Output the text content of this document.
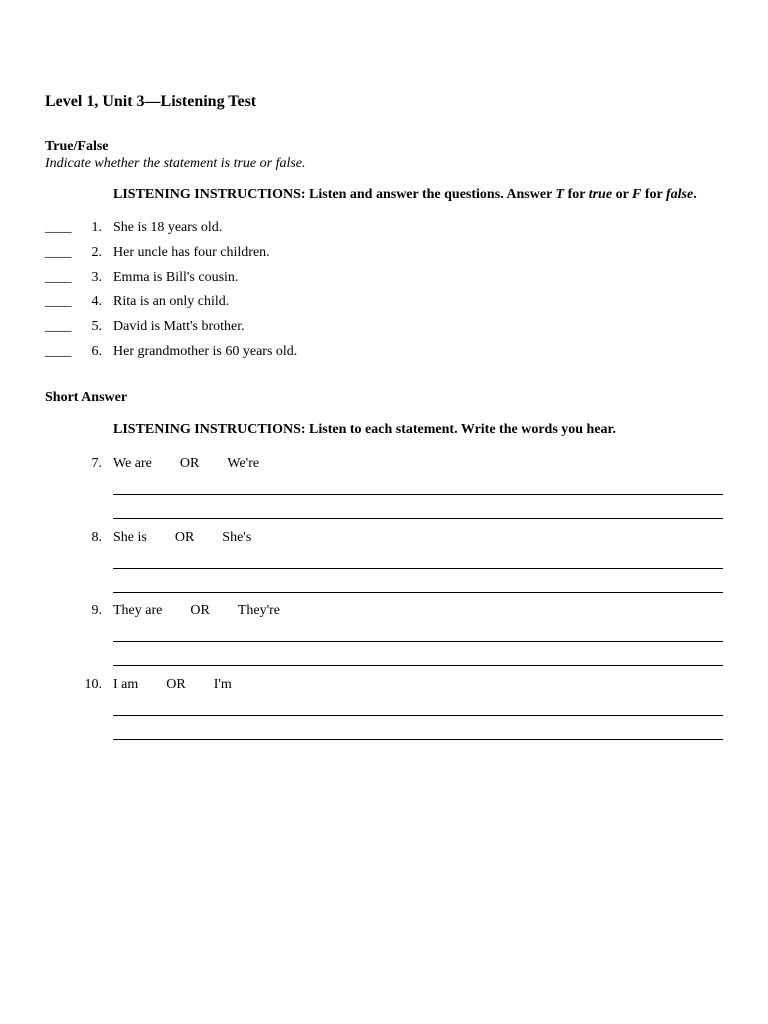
Level 1, Unit 3—Listening Test
True/False
Indicate whether the statement is true or false.
LISTENING INSTRUCTIONS: Listen and answer the questions. Answer T for true or F for false.
____	1. She is 18 years old.
____	2. Her uncle has four children.
____	3. Emma is Bill's cousin.
____	4. Rita is an only child.
____	5. David is Matt's brother.
____	6. Her grandmother is 60 years old.
Short Answer
LISTENING INSTRUCTIONS: Listen to each statement. Write the words you hear.
7. We are OR We're
8. She is OR She's
9. They are OR They're
10. I am OR I'm
